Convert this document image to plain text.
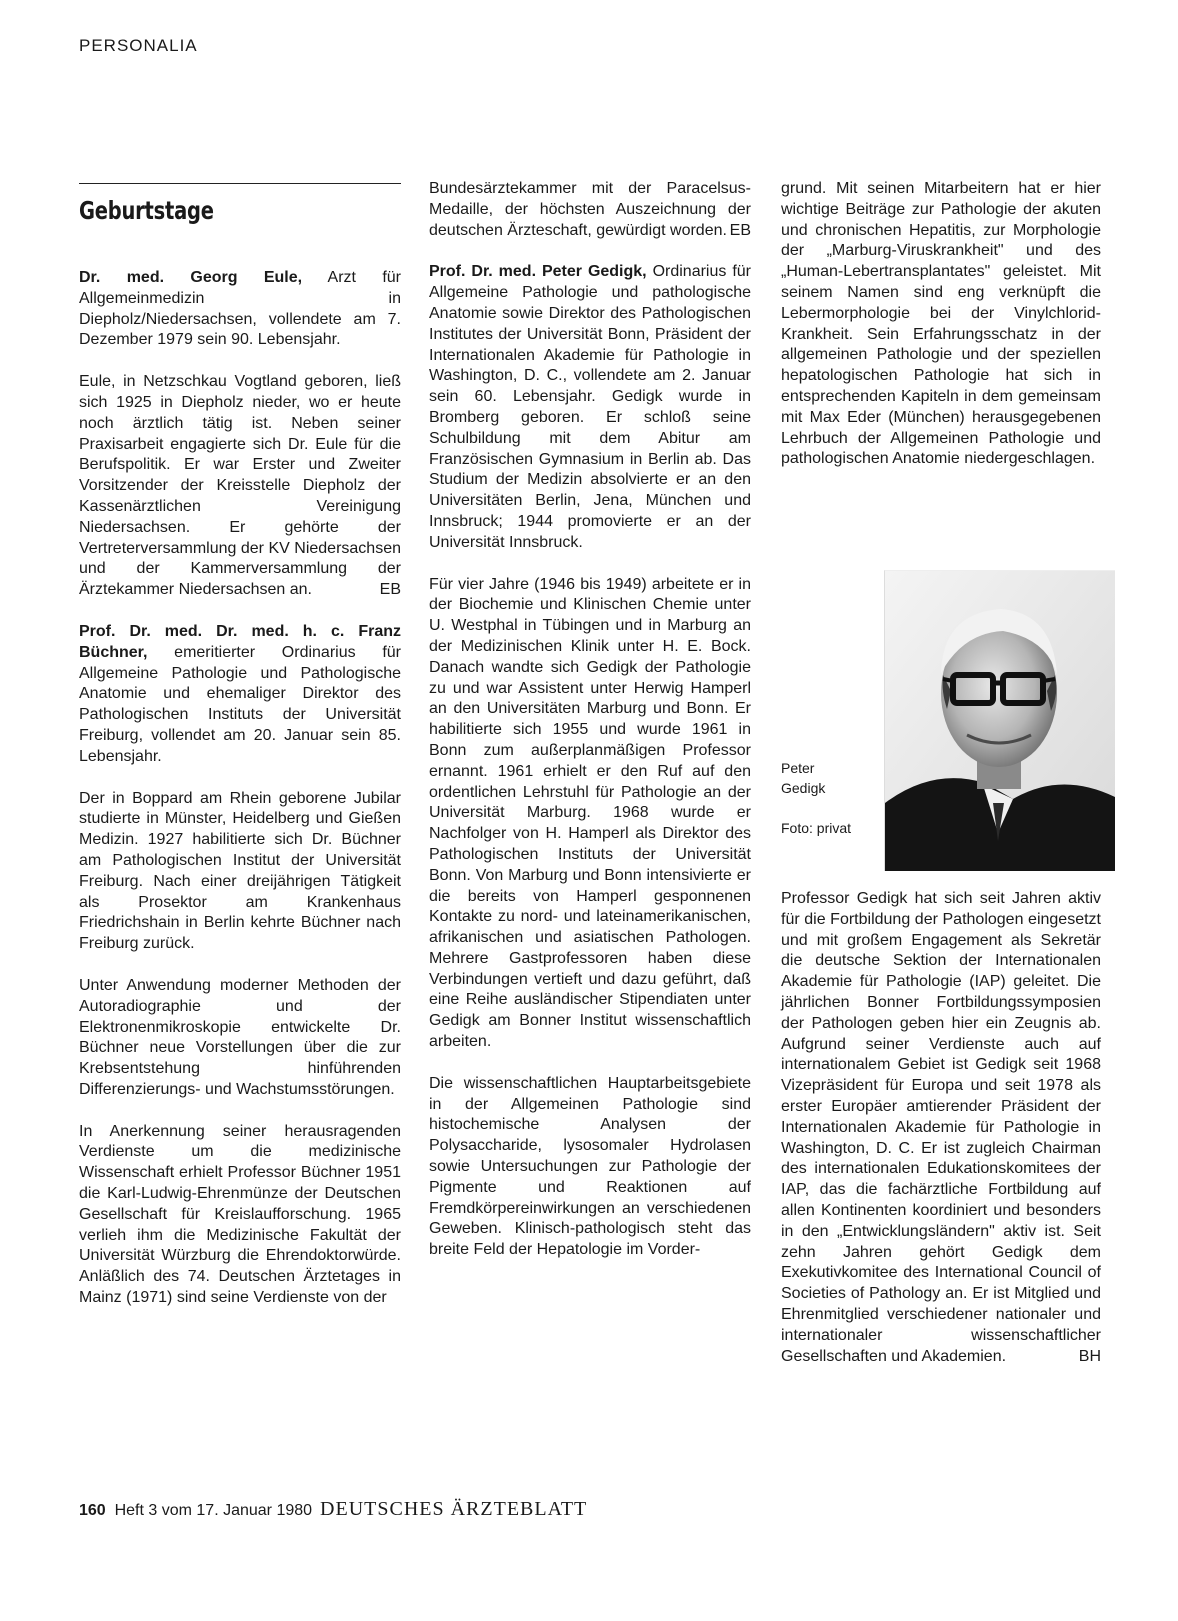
PERSONALIA
Geburtstage

Dr. med. Georg Eule, Arzt für Allgemeinmedizin in Diepholz/Niedersachsen, vollendete am 7. Dezember 1979 sein 90. Lebensjahr.

Eule, in Netzschkau Vogtland geboren, ließ sich 1925 in Diepholz nieder, wo er heute noch ärztlich tätig ist. Neben seiner Praxisarbeit engagierte sich Dr. Eule für die Berufspolitik. Er war Erster und Zweiter Vorsitzender der Kreisstelle Diepholz der Kassenärztlichen Vereinigung Niedersachsen. Er gehörte der Vertreterversammlung der KV Niedersachsen und der Kammerversammlung der Ärztekammer Niedersachsen an.	EB

Prof. Dr. med. Dr. med. h. c. Franz Büchner, emeritierter Ordinarius für Allgemeine Pathologie und Pathologische Anatomie und ehemaliger Direktor des Pathologischen Instituts der Universität Freiburg, vollendet am 20. Januar sein 85. Lebensjahr.

Der in Boppard am Rhein geborene Jubilar studierte in Münster, Heidelberg und Gießen Medizin. 1927 habilitierte sich Dr. Büchner am Pathologischen Institut der Universität Freiburg. Nach einer dreijährigen Tätigkeit als Prosektor am Krankenhaus Friedrichshain in Berlin kehrte Büchner nach Freiburg zurück.

Unter Anwendung moderner Methoden der Autoradiographie und der Elektronenmikroskopie entwickelte Dr. Büchner neue Vorstellungen über die zur Krebsentstehung hinführenden Differenzierungs- und Wachstumsstörungen.

In Anerkennung seiner herausragenden Verdienste um die medizinische Wissenschaft erhielt Professor Büchner 1951 die Karl-Ludwig-Ehrenmünze der Deutschen Gesellschaft für Kreislaufforschung. 1965 verlieh ihm die Medizinische Fakultät der Universität Würzburg die Ehrendoktorwürde. Anläßlich des 74. Deutschen Ärztetages in Mainz (1971) sind seine Verdienste von der

Bundesärztekammer mit der Paracelsus-Medaille, der höchsten Auszeichnung der deutschen Ärzteschaft, gewürdigt worden. EB

Prof. Dr. med. Peter Gedigk, Ordinarius für Allgemeine Pathologie und pathologische Anatomie sowie Direktor des Pathologischen Institutes der Universität Bonn, Präsident der Internationalen Akademie für Pathologie in Washington, D. C., vollendete am 2. Januar sein 60. Lebensjahr. Gedigk wurde in Bromberg geboren. Er schloß seine Schulbildung mit dem Abitur am Französischen Gymnasium in Berlin ab. Das Studium der Medizin absolvierte er an den Universitäten Berlin, Jena, München und Innsbruck; 1944 promovierte er an der Universität Innsbruck.

Für vier Jahre (1946 bis 1949) arbeitete er in der Biochemie und Klinischen Chemie unter U. Westphal in Tübingen und in Marburg an der Medizinischen Klinik unter H. E. Bock. Danach wandte sich Gedigk der Pathologie zu und war Assistent unter Herwig Hamperl an den Universitäten Marburg und Bonn. Er habilitierte sich 1955 und wurde 1961 in Bonn zum außerplanmäßigen Professor ernannt. 1961 erhielt er den Ruf auf den ordentlichen Lehrstuhl für Pathologie an der Universität Marburg. 1968 wurde er Nachfolger von H. Hamperl als Direktor des Pathologischen Instituts der Universität Bonn. Von Marburg und Bonn intensivierte er die bereits von Hamperl gesponnenen Kontakte zu nord- und lateinamerikanischen, afrikanischen und asiatischen Pathologen. Mehrere Gastprofessoren haben diese Verbindungen vertieft und dazu geführt, daß eine Reihe ausländischer Stipendiaten unter Gedigk am Bonner Institut wissenschaftlich arbeiten.

Die wissenschaftlichen Hauptarbeitsgebiete in der Allgemeinen Pathologie sind histochemische Analysen der Polysaccharide, lysosomaler Hydrolasen sowie Untersuchungen zur Pathologie der Pigmente und Reaktionen auf Fremdkörpereinwirkungen an verschiedenen Geweben. Klinisch-pathologisch steht das breite Feld der Hepatologie im Vorder-

grund. Mit seinen Mitarbeitern hat er hier wichtige Beiträge zur Pathologie der akuten und chronischen Hepatitis, zur Morphologie der „Marburg-Viruskrankheit" und des „Human-Lebertransplantates" geleistet. Mit seinem Namen sind eng verknüpft die Lebermorphologie bei der Vinylchlorid-Krankheit. Sein Erfahrungsschatz in der allgemeinen Pathologie und der speziellen hepatologischen Pathologie hat sich in entsprechenden Kapiteln in dem gemeinsam mit Max Eder (München) herausgegebenen Lehrbuch der Allgemeinen Pathologie und pathologischen Anatomie niedergeschlagen.

Peter
Gedigk
Foto: privat

Professor Gedigk hat sich seit Jahren aktiv für die Fortbildung der Pathologen eingesetzt und mit großem Engagement als Sekretär die deutsche Sektion der Internationalen Akademie für Pathologie (IAP) geleitet. Die jährlichen Bonner Fortbildungssymposien der Pathologen geben hier ein Zeugnis ab. Aufgrund seiner Verdienste auch auf internationalem Gebiet ist Gedigk seit 1968 Vizepräsident für Europa und seit 1978 als erster Europäer amtierender Präsident der Internationalen Akademie für Pathologie in Washington, D. C. Er ist zugleich Chairman des internationalen Edukationskomitees der IAP, das die fachärztliche Fortbildung auf allen Kontinenten koordiniert und besonders in den „Entwicklungsländern" aktiv ist. Seit zehn Jahren gehört Gedigk dem Exekutivkomitee des International Council of Societies of Pathology an. Er ist Mitglied und Ehrenmitglied verschiedener nationaler und internationaler wissenschaftlicher Gesellschaften und Akademien.	BH

160 Heft 3 vom 17. Januar 1980 DEUTSCHES ÄRZTEBLATT
